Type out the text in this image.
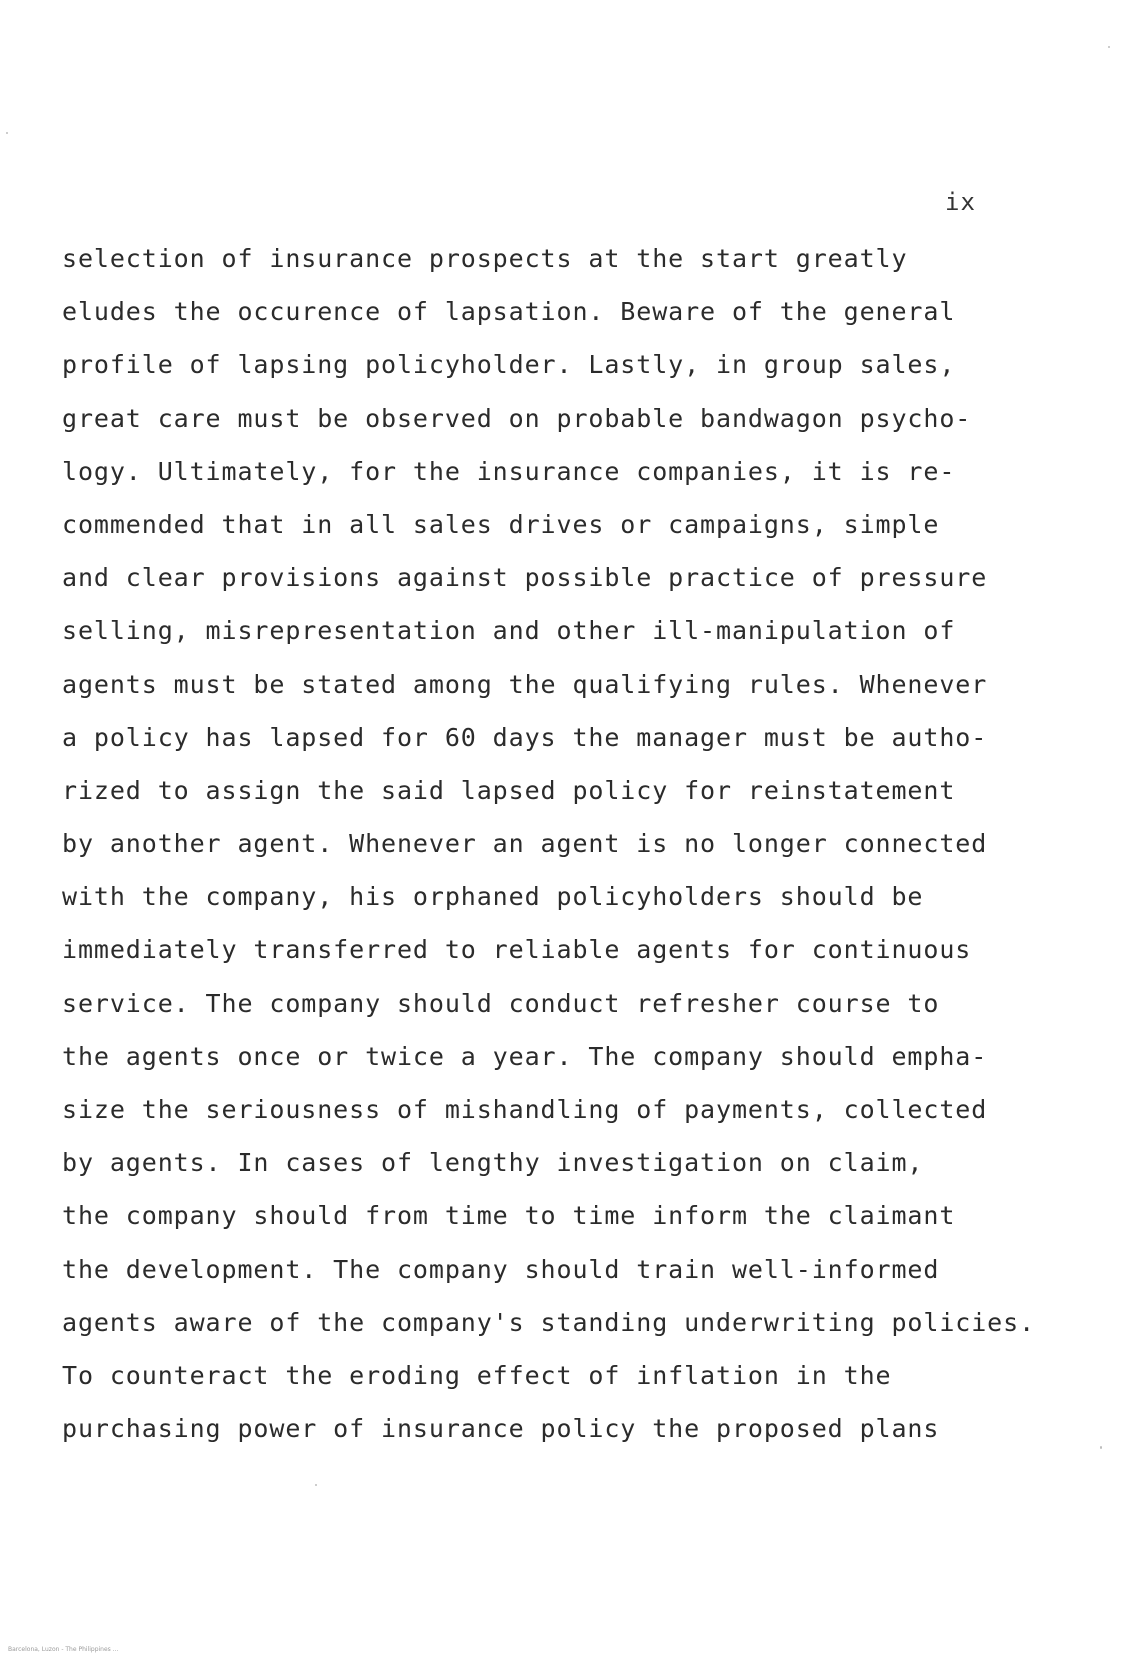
ix
selection of insurance prospects at the start greatly
eludes the occurence of lapsation. Beware of the general
profile of lapsing policyholder. Lastly, in group sales,
great care must be observed on probable bandwagon psycho-
logy. Ultimately, for the insurance companies, it is re-
commended that in all sales drives or campaigns, simple
and clear provisions against possible practice of pressure
selling, misrepresentation and other ill-manipulation of
agents must be stated among the qualifying rules. Whenever
a policy has lapsed for 60 days the manager must be autho-
rized to assign the said lapsed policy for reinstatement
by another agent. Whenever an agent is no longer connected
with the company, his orphaned policyholders should be
immediately transferred to reliable agents for continuous
service. The company should conduct refresher course to
the agents once or twice a year. The company should empha-
size the seriousness of mishandling of payments, collected
by agents. In cases of lengthy investigation on claim,
the company should from time to time inform the claimant
the development. The company should train well-informed
agents aware of the company's standing underwriting policies.
To counteract the eroding effect of inflation in the
purchasing power of insurance policy the proposed plans
Barcelona, Luzon - The Philippines ...
